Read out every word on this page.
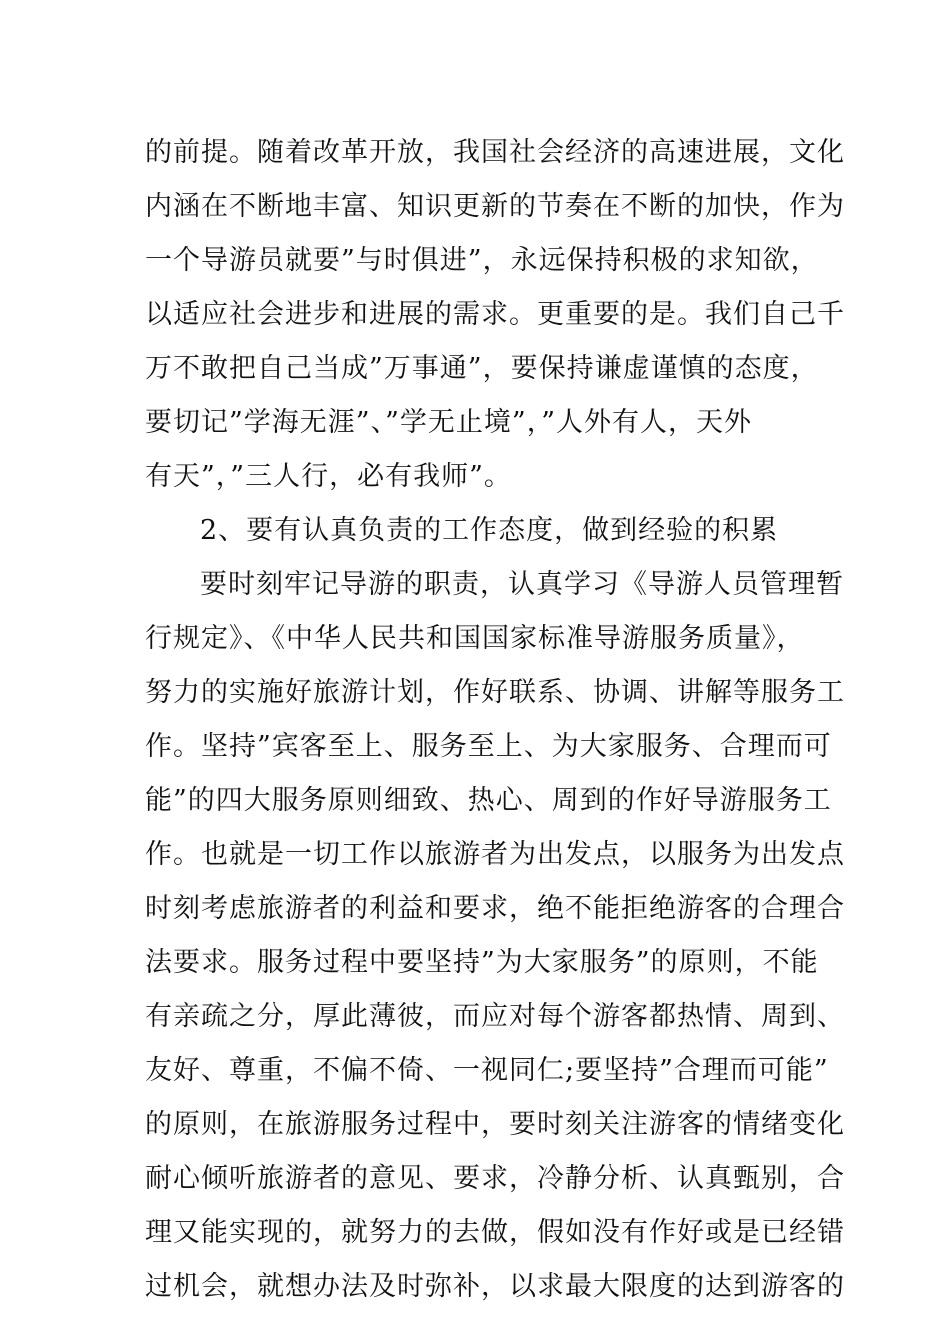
的前提。随着改革开放，我国社会经济的高速进展，文化
内涵在不断地丰富、知识更新的节奏在不断的加快，作为
一个导游员就要”与时俱进”，永远保持积极的求知欲，
以适应社会进步和进展的需求。更重要的是。我们自己千
万不敢把自己当成”万事通”，要保持谦虚谨慎的态度，
要切记”学海无涯”、”学无止境”，”人外有人，天外
有天”，”三人行，必有我师”。
2、要有认真负责的工作态度，做到经验的积累
要时刻牢记导游的职责，认真学习《导游人员管理暂
行规定》、《中华人民共和国国家标准导游服务质量》，
努力的实施好旅游计划，作好联系、协调、讲解等服务工
作。坚持”宾客至上、服务至上、为大家服务、合理而可
能”的四大服务原则细致、热心、周到的作好导游服务工
作。也就是一切工作以旅游者为出发点，以服务为出发点
时刻考虑旅游者的利益和要求，绝不能拒绝游客的合理合
法要求。服务过程中要坚持”为大家服务”的原则，不能
有亲疏之分，厚此薄彼，而应对每个游客都热情、周到、
友好、尊重，不偏不倚、一视同仁;要坚持”合理而可能”
的原则，在旅游服务过程中，要时刻关注游客的情绪变化
耐心倾听旅游者的意见、要求，冷静分析、认真甄别，合
理又能实现的，就努力的去做，假如没有作好或是已经错
过机会，就想办法及时弥补，以求最大限度的达到游客的
